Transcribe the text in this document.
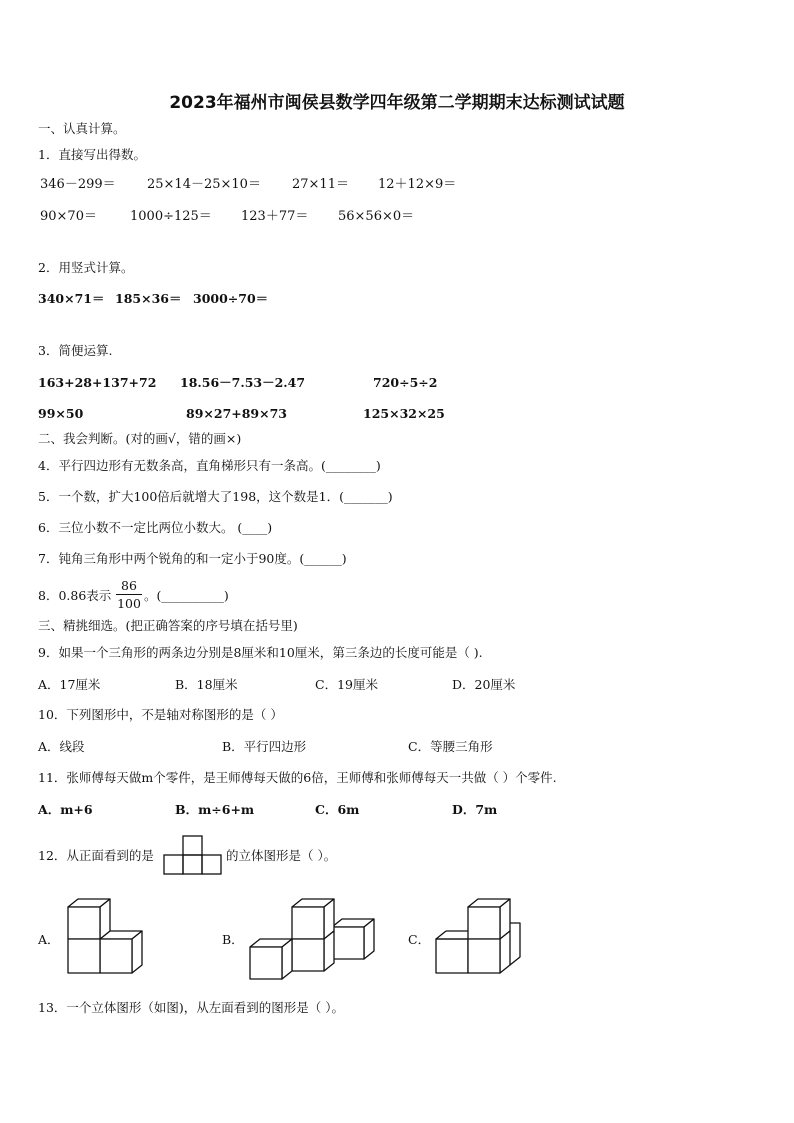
2023年福州市闽侯县数学四年级第二学期期末达标测试试题
一、认真计算。
1．直接写出得数。
346－299＝ 25×14－25×10＝ 27×11＝ 12＋12×9＝
90×70＝	1000÷125＝ 123＋77＝ 56×56×0＝
2．用竖式计算。
340×71＝ 185×36＝ 3000÷70＝
3．简便运算.
163+28+137+72 18.56－7.53－2.47	720÷5÷2
99×50	89×27+89×73	125×32×25
二、我会判断。(对的画√，错的画×)
4．平行四边形有无数条高，直角梯形只有一条高。(________)
5．一个数，扩大100倍后就增大了198，这个数是1．(_______)
6．三位小数不一定比两位小数大。 (____)
7．钝角三角形中两个锐角的和一定小于90度。(______)
8．0.86表示
86
100
。(__________)
三、精挑细选。(把正确答案的序号填在括号里)
9．如果一个三角形的两条边分别是8厘米和10厘米，第三条边的长度可能是（ ).
A．17厘米	B．18厘米	C．19厘米	D．20厘米
10．下列图形中，不是轴对称图形的是（ ）
A．线段	B．平行四边形	C．等腰三角形
11．张师傅每天做m个零件，是王师傅每天做的6倍，王师傅和张师傅每天一共做（ ）个零件.
A．m+6	B．m÷6+m	C．6m	D．7m
12．从正面看到的是	的立体图形是（ ）。
A．	B．	C．
13．一个立体图形（如图)，从左面看到的图形是（ ）。
